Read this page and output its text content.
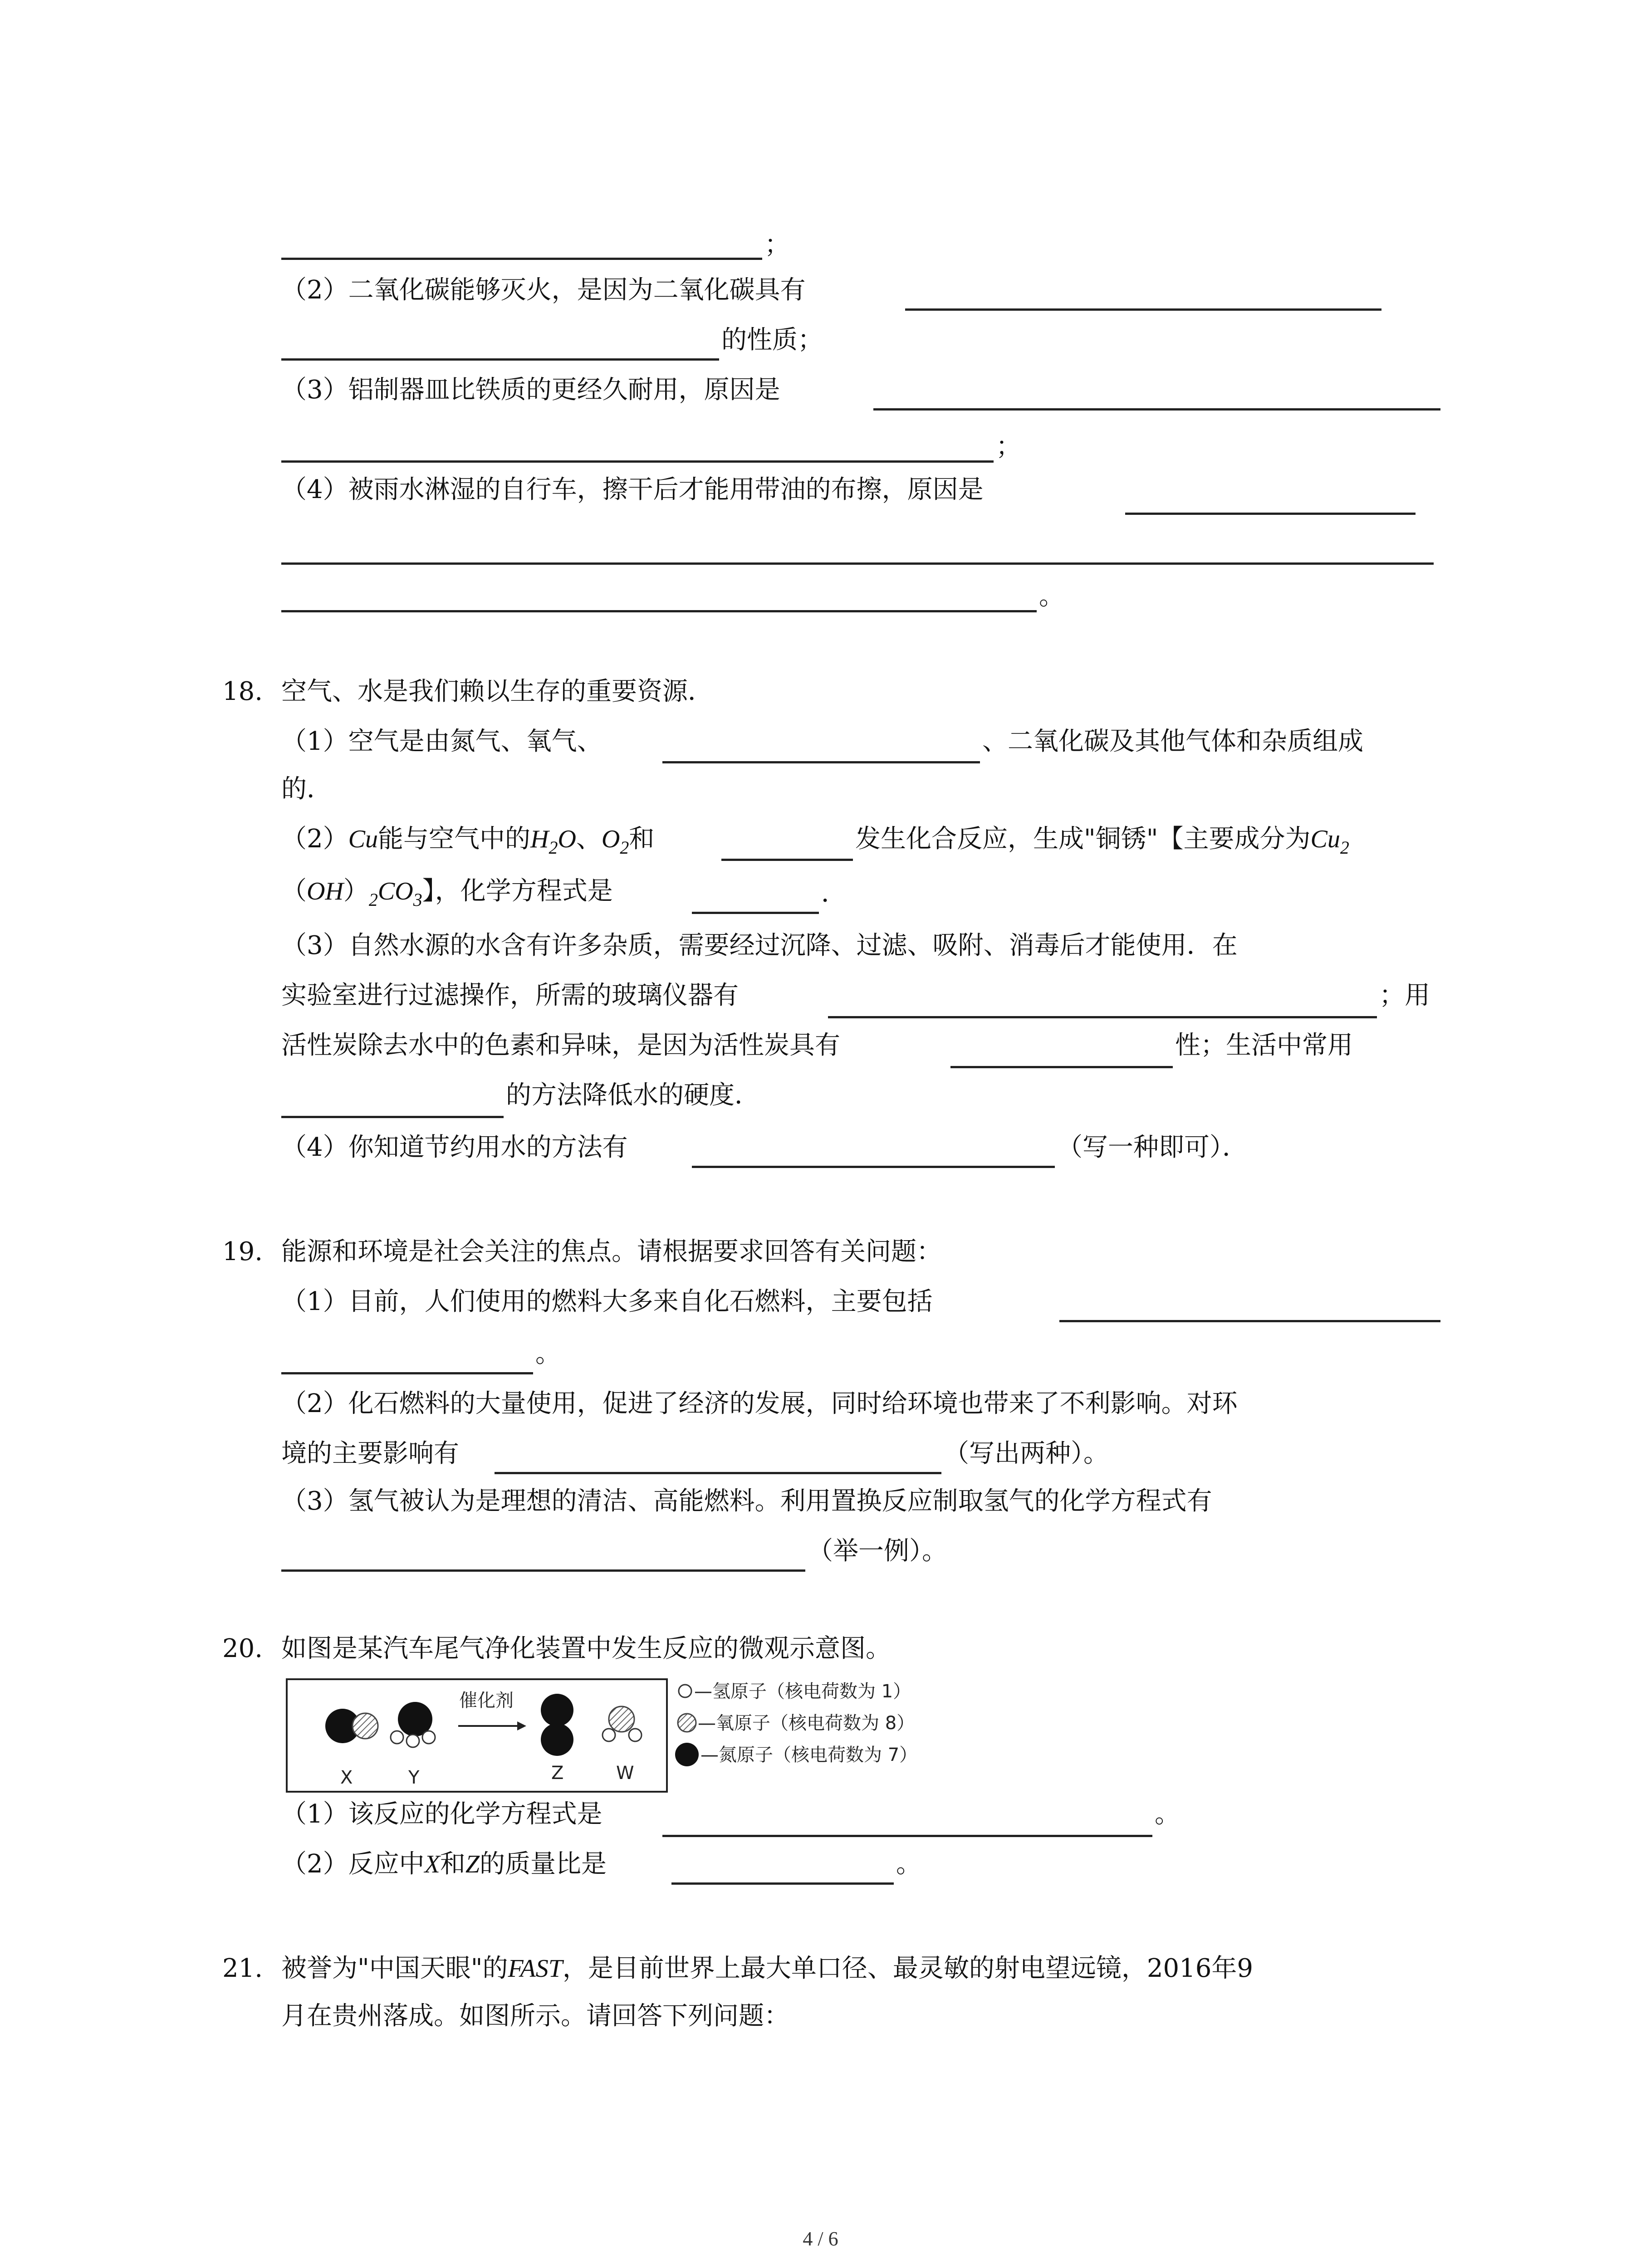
；
（2）二氧化碳能够灭火，是因为二氧化碳具有
的性质；
（3）铝制器皿比铁质的更经久耐用，原因是
；
（4）被雨水淋湿的自行车，擦干后才能用带油的布擦，原因是
。
18. 空气、水是我们赖以生存的重要资源．
（1）空气是由氮气、氧气、	、二氧化碳及其他气体和杂质组成
的．
（2）Cu能与空气中的$H_2O$、$O_2$和	发生化合反应，生成"铜锈"【主要成分为$Cu_2$
$(OH)_2CO_3$】，化学方程式是	．
（3）自然水源的水含有许多杂质，需要经过沉降、过滤、吸附、消毒后才能使用．在
实验室进行过滤操作，所需的玻璃仪器有	；用
活性炭除去水中的色素和异味，是因为活性炭具有	性；生活中常用
的方法降低水的硬度．
（4）你知道节约用水的方法有	（写一种即可）．
19. 能源和环境是社会关注的焦点。请根据要求回答有关问题：
（1）目前，人们使用的燃料大多来自化石燃料，主要包括
。
（2）化石燃料的大量使用，促进了经济的发展，同时给环境也带来了不利影响。对环
境的主要影响有	（写出两种）。
（3）氢气被认为是理想的清洁、高能燃料。利用置换反应制取氢气的化学方程式有
（举一例）。
20. 如图是某汽车尾气净化装置中发生反应的微观示意图。
催化剂
X	Y	Z	W
—氢原子（核电荷数为 1）
—氧原子（核电荷数为 8）
—氮原子（核电荷数为 7）
（1）该反应的化学方程式是	。
（2）反应中X和Z的质量比是	。
21. 被誉为"中国天眼"的FAST，是目前世界上最大单口径、最灵敏的射电望远镜，2016年9
月在贵州落成。如图所示。请回答下列问题：
4 / 6
